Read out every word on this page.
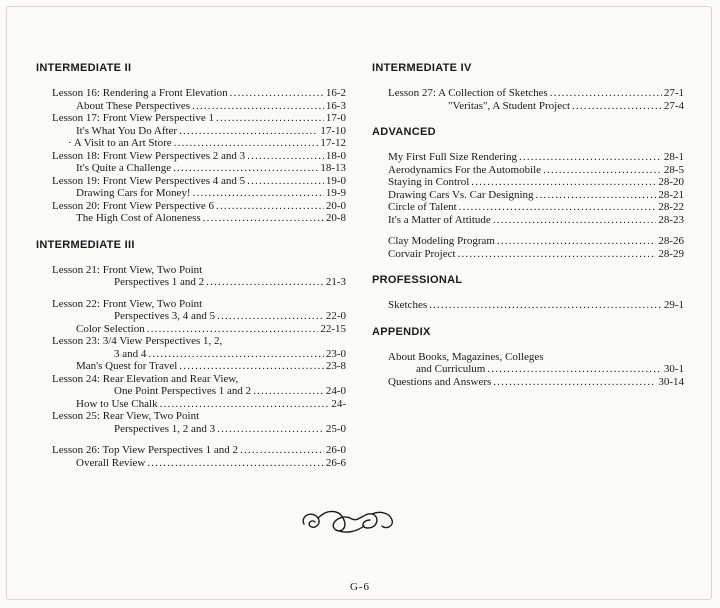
INTERMEDIATE II
Lesson 16: Rendering a Front Elevation .....	16-2
About These Perspectives .....	16-3
Lesson 17: Front View Perspective 1 .....	17-0
It's What You Do After .....	17-10
· A Visit to an Art Store .....	17-12
Lesson 18: Front View Perspectives 2 and 3 .....	18-0
It's Quite a Challenge .....	18-13
Lesson 19: Front View Perspectives 4 and 5 .....	19-0
Drawing Cars for Money! .....	19-9
Lesson 20: Front View Perspective 6 .....	20-0
The High Cost of Aloneness .....	20-8
INTERMEDIATE III
Lesson 21: Front View, Two Point
Perspectives 1 and 2 .....	21-3
Lesson 22: Front View, Two Point
Perspectives 3, 4 and 5 .....	22-0
Color Selection .....	22-15
Lesson 23: 3/4 View Perspectives 1, 2,
3 and 4 .....	23-0
Man's Quest for Travel .....	23-8
Lesson 24: Rear Elevation and Rear View,
One Point Perspectives 1 and 2 .....	24-0
How to Use Chalk .....	24-
Lesson 25: Rear View, Two Point
Perspectives 1, 2 and 3 .....	25-0
Lesson 26: Top View Perspectives 1 and 2 .....	26-0
Overall Review .....	26-6
INTERMEDIATE IV
Lesson 27: A Collection of Sketches .....	27-1
"Veritas", A Student Project .....	27-4
ADVANCED
My First Full Size Rendering .....	28-1
Aerodynamics For the Automobile .....	28-5
Staying in Control .....	28-20
Drawing Cars Vs. Car Designing .....	28-21
Circle of Talent .....	28-22
It's a Matter of Attitude .....	28-23
Clay Modeling Program .....	28-26
Corvair Project .....	28-29
PROFESSIONAL
Sketches .....	29-1
APPENDIX
About Books, Magazines, Colleges
and Curriculum .....	30-1
Questions and Answers .....	30-14
G-6
